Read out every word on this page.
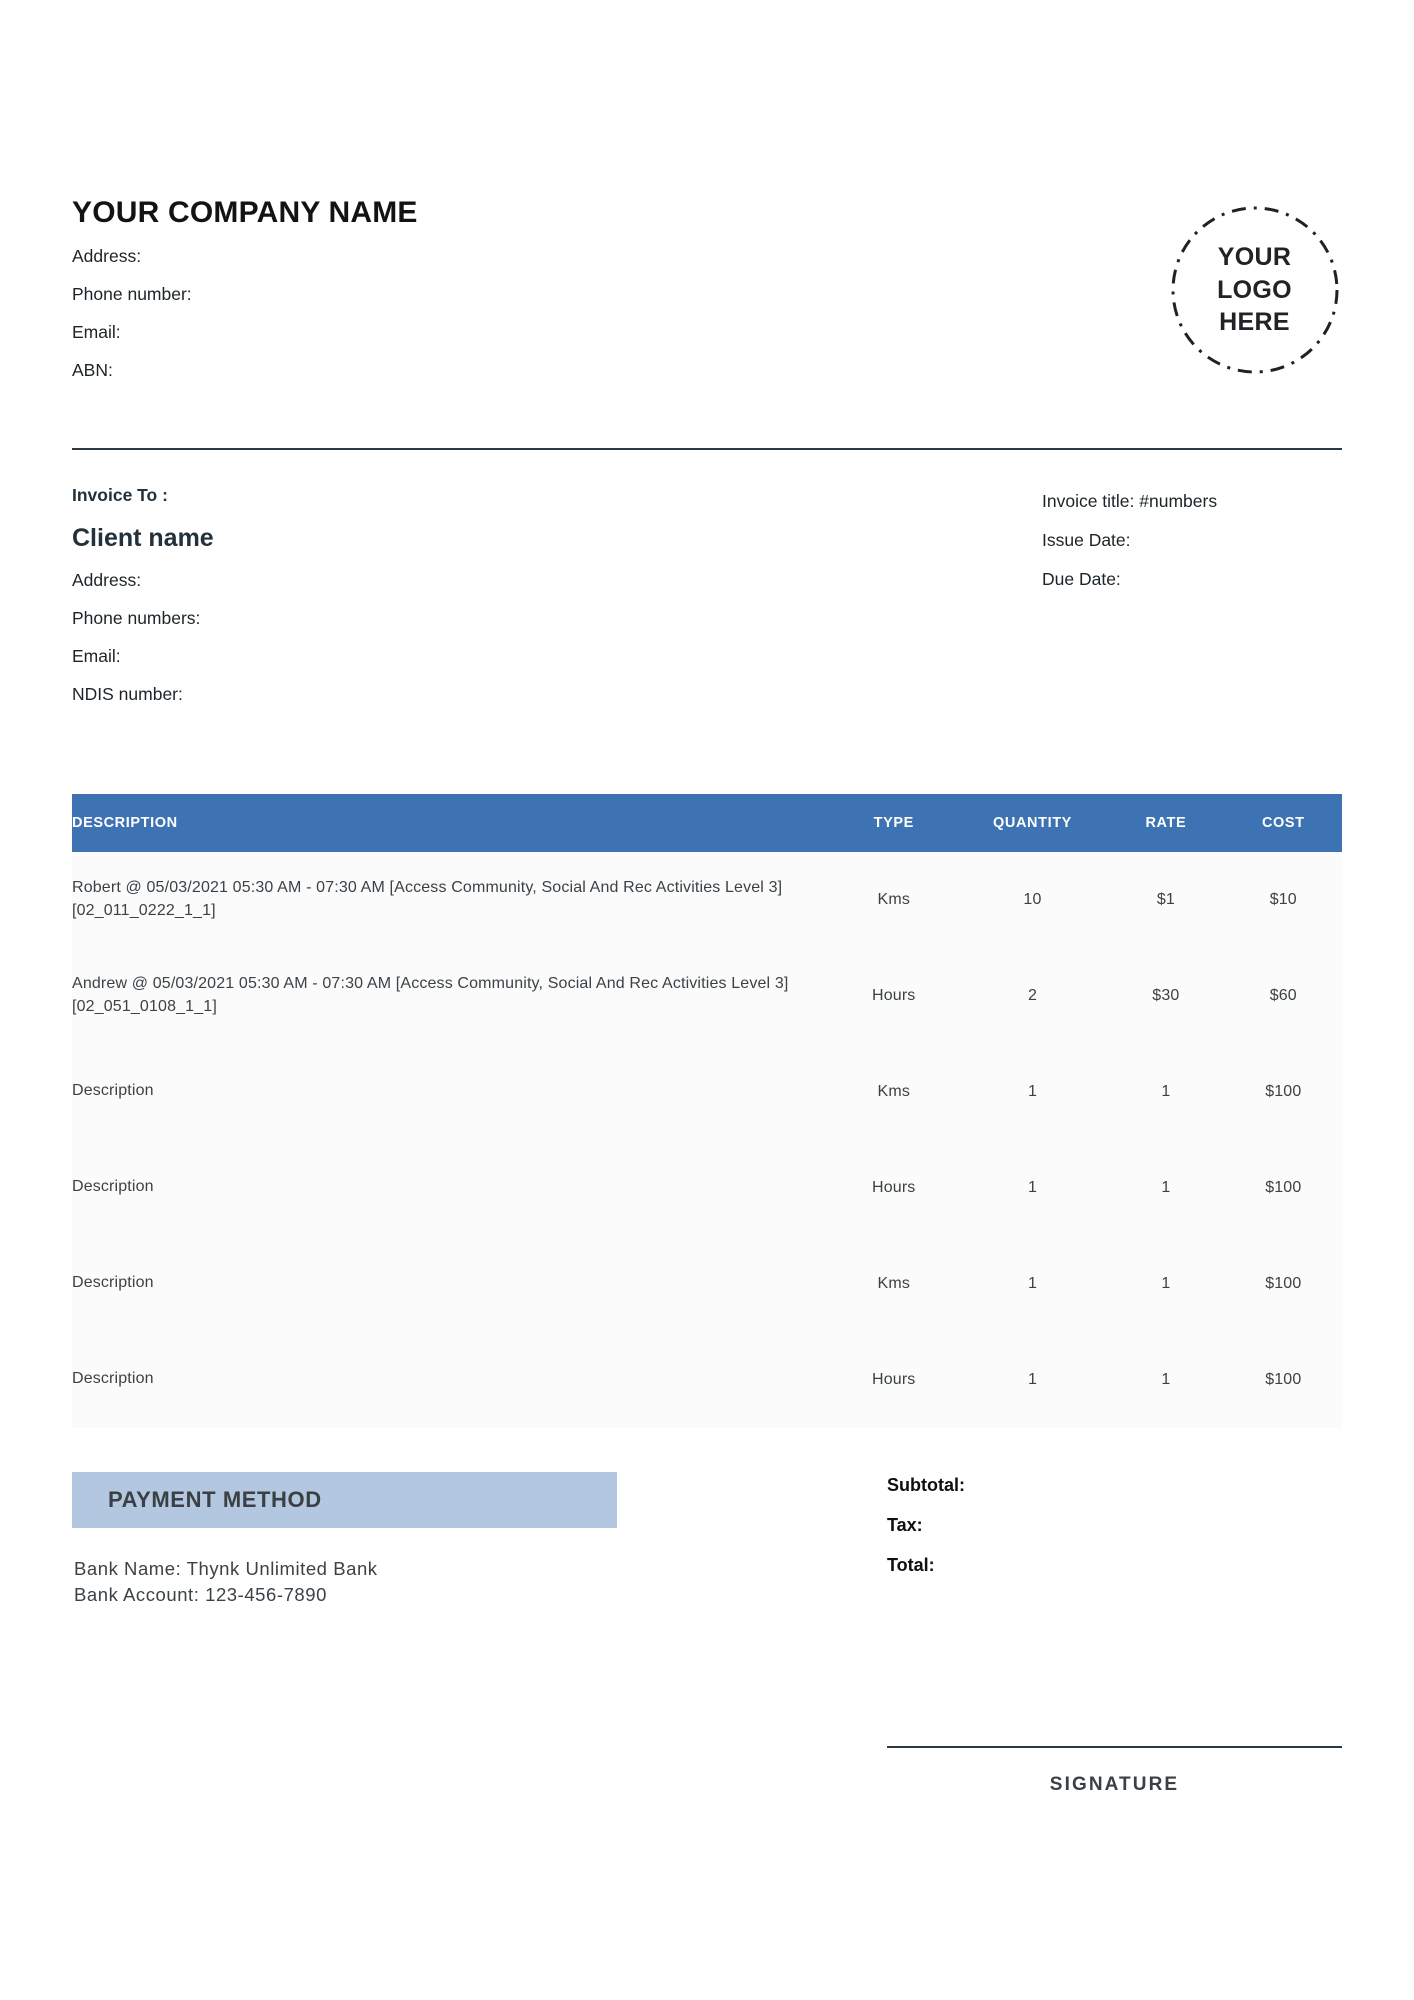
YOUR COMPANY NAME
Address:
Phone number:
Email:
ABN:
YOUR
LOGO
HERE
Invoice To :
Client name
Address:
Phone numbers:
Email:
NDIS number:
Invoice title: #numbers
Issue Date:
Due Date:
DESCRIPTION	TYPE	QUANTITY	RATE	COST
Robert @ 05/03/2021 05:30 AM - 07:30 AM [Access Community, Social And Rec Activities Level 3] [02_011_0222_1_1]	Kms	10	$1	$10
Andrew @ 05/03/2021 05:30 AM - 07:30 AM [Access Community, Social And Rec Activities Level 3] [02_051_0108_1_1]	Hours	2	$30	$60
Description	Kms	1	1	$100
Description	Hours	1	1	$100
Description	Kms	1	1	$100
Description	Hours	1	1	$100
PAYMENT METHOD
Bank Name: Thynk Unlimited Bank
Bank Account: 123-456-7890
Subtotal:
Tax:
Total:
SIGNATURE
